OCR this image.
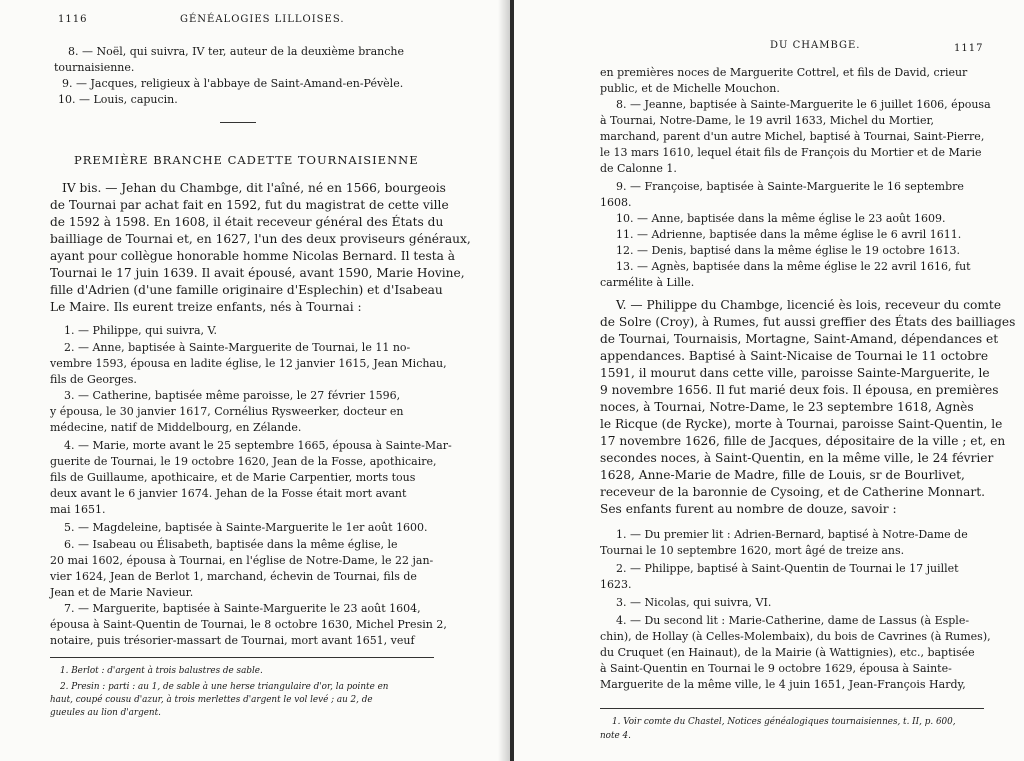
1116	GÉNÉALOGIES LILLOISES.
8. — Noël, qui suivra, IV ter, auteur de la deuxième branche
tournaisienne.
9. — Jacques, religieux à l'abbaye de Saint-Amand-en-Pévèle.
10. — Louis, capucin.
PREMIÈRE BRANCHE CADETTE TOURNAISIENNE
IV bis. — Jehan du Chambge, dit l'aîné, né en 1566, bourgeois
de Tournai par achat fait en 1592, fut du magistrat de cette ville
de 1592 à 1598. En 1608, il était receveur général des États du
bailliage de Tournai et, en 1627, l'un des deux proviseurs généraux,
ayant pour collègue honorable homme Nicolas Bernard. Il testa à
Tournai le 17 juin 1639. Il avait épousé, avant 1590, Marie Hovine,
fille d'Adrien (d'une famille originaire d'Esplechin) et d'Isabeau
Le Maire. Ils eurent treize enfants, nés à Tournai :
1. — Philippe, qui suivra, V.
2. — Anne, baptisée à Sainte-Marguerite de Tournai, le 11 no-
vembre 1593, épousa en ladite église, le 12 janvier 1615, Jean Michau,
fils de Georges.
3. — Catherine, baptisée même paroisse, le 27 février 1596,
y épousa, le 30 janvier 1617, Cornélius Rysweerker, docteur en
médecine, natif de Middelbourg, en Zélande.
4. — Marie, morte avant le 25 septembre 1665, épousa à Sainte-Mar-
guerite de Tournai, le 19 octobre 1620, Jean de la Fosse, apothicaire,
fils de Guillaume, apothicaire, et de Marie Carpentier, morts tous
deux avant le 6 janvier 1674. Jehan de la Fosse était mort avant
mai 1651.
5. — Magdeleine, baptisée à Sainte-Marguerite le 1er août 1600.
6. — Isabeau ou Élisabeth, baptisée dans la même église, le
20 mai 1602, épousa à Tournai, en l'église de Notre-Dame, le 22 jan-
vier 1624, Jean de Berlot 1, marchand, échevin de Tournai, fils de
Jean et de Marie Navieur.
7. — Marguerite, baptisée à Sainte-Marguerite le 23 août 1604,
épousa à Saint-Quentin de Tournai, le 8 octobre 1630, Michel Presin 2,
notaire, puis trésorier-massart de Tournai, mort avant 1651, veuf
1. Berlot : d'argent à trois balustres de sable.
2. Presin : parti : au 1, de sable à une herse triangulaire d'or, la pointe en
haut, coupé cousu d'azur, à trois merlettes d'argent le vol levé ; au 2, de
gueules au lion d'argent.
DU CHAMBGE.	1117
en premières noces de Marguerite Cottrel, et fils de David, crieur
public, et de Michelle Mouchon.
8. — Jeanne, baptisée à Sainte-Marguerite le 6 juillet 1606, épousa
à Tournai, Notre-Dame, le 19 avril 1633, Michel du Mortier,
marchand, parent d'un autre Michel, baptisé à Tournai, Saint-Pierre,
le 13 mars 1610, lequel était fils de François du Mortier et de Marie
de Calonne 1.
9. — Françoise, baptisée à Sainte-Marguerite le 16 septembre
1608.
10. — Anne, baptisée dans la même église le 23 août 1609.
11. — Adrienne, baptisée dans la même église le 6 avril 1611.
12. — Denis, baptisé dans la même église le 19 octobre 1613.
13. — Agnès, baptisée dans la même église le 22 avril 1616, fut
carmélite à Lille.
V. — Philippe du Chambge, licencié ès lois, receveur du comte
de Solre (Croy), à Rumes, fut aussi greffier des États des bailliages
de Tournai, Tournaisis, Mortagne, Saint-Amand, dépendances et
appendances. Baptisé à Saint-Nicaise de Tournai le 11 octobre
1591, il mourut dans cette ville, paroisse Sainte-Marguerite, le
9 novembre 1656. Il fut marié deux fois. Il épousa, en premières
noces, à Tournai, Notre-Dame, le 23 septembre 1618, Agnès
le Ricque (de Rycke), morte à Tournai, paroisse Saint-Quentin, le
17 novembre 1626, fille de Jacques, dépositaire de la ville ; et, en
secondes noces, à Saint-Quentin, en la même ville, le 24 février
1628, Anne-Marie de Madre, fille de Louis, sr de Bourlivet,
receveur de la baronnie de Cysoing, et de Catherine Monnart.
Ses enfants furent au nombre de douze, savoir :
1. — Du premier lit : Adrien-Bernard, baptisé à Notre-Dame de
Tournai le 10 septembre 1620, mort âgé de treize ans.
2. — Philippe, baptisé à Saint-Quentin de Tournai le 17 juillet
1623.
3. — Nicolas, qui suivra, VI.
4. — Du second lit : Marie-Catherine, dame de Lassus (à Esple-
chin), de Hollay (à Celles-Molembaix), du bois de Cavrines (à Rumes),
du Cruquet (en Hainaut), de la Mairie (à Wattignies), etc., baptisée
à Saint-Quentin en Tournai le 9 octobre 1629, épousa à Sainte-
Marguerite de la même ville, le 4 juin 1651, Jean-François Hardy,
1. Voir comte du Chastel, Notices généalogiques tournaisiennes, t. II, p. 600,
note 4.
